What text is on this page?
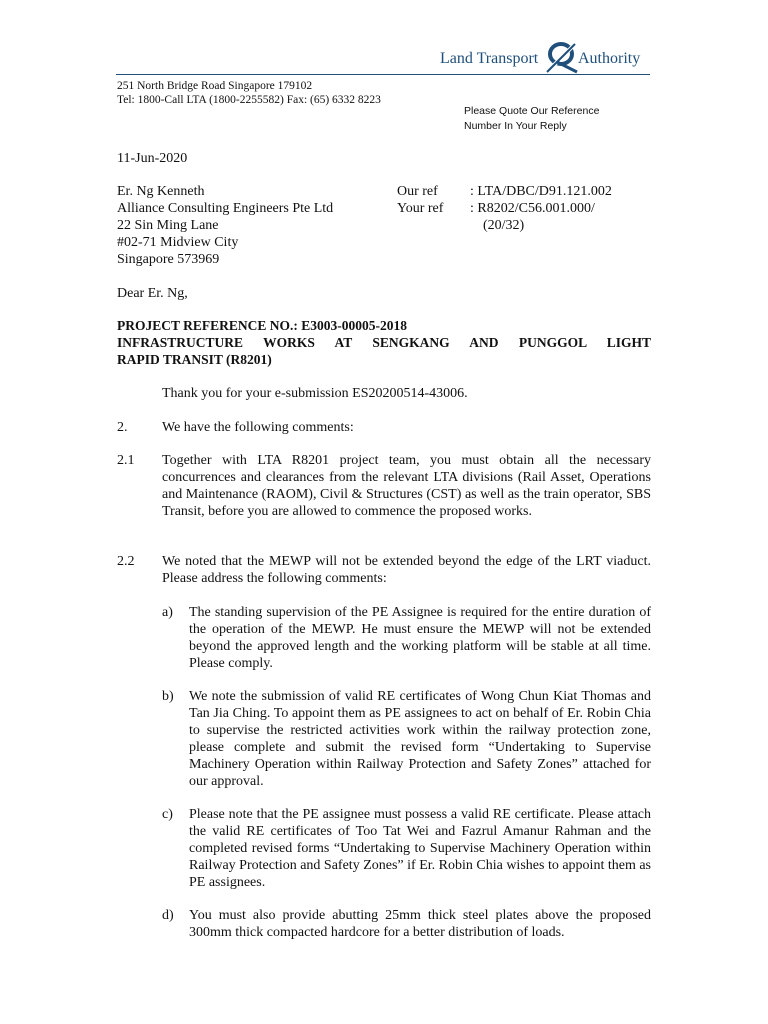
Land Transport Authority
251 North Bridge Road Singapore 179102
Tel: 1800-Call LTA (1800-2255582) Fax: (65) 6332 8223
Please Quote Our Reference
Number In Your Reply
11-Jun-2020
Er. Ng Kenneth
Alliance Consulting Engineers Pte Ltd
22 Sin Ming Lane
#02-71 Midview City
Singapore 573969
Our ref : LTA/DBC/D91.121.002
Your ref : R8202/C56.001.000/
(20/32)
Dear Er. Ng,
PROJECT REFERENCE NO.: E3003-00005-2018
INFRASTRUCTURE WORKS AT SENGKANG AND PUNGGOL LIGHT
RAPID TRANSIT (R8201)
Thank you for your e-submission ES20200514-43006.
2. We have the following comments:
2.1 Together with LTA R8201 project team, you must obtain all the necessary concurrences and clearances from the relevant LTA divisions (Rail Asset, Operations and Maintenance (RAOM), Civil & Structures (CST) as well as the train operator, SBS Transit, before you are allowed to commence the proposed works.
2.2 We noted that the MEWP will not be extended beyond the edge of the LRT viaduct. Please address the following comments:
a) The standing supervision of the PE Assignee is required for the entire duration of the operation of the MEWP. He must ensure the MEWP will not be extended beyond the approved length and the working platform will be stable at all time. Please comply.
b) We note the submission of valid RE certificates of Wong Chun Kiat Thomas and Tan Jia Ching. To appoint them as PE assignees to act on behalf of Er. Robin Chia to supervise the restricted activities work within the railway protection zone, please complete and submit the revised form “Undertaking to Supervise Machinery Operation within Railway Protection and Safety Zones” attached for our approval.
c) Please note that the PE assignee must possess a valid RE certificate. Please attach the valid RE certificates of Too Tat Wei and Fazrul Amanur Rahman and the completed revised forms “Undertaking to Supervise Machinery Operation within Railway Protection and Safety Zones” if Er. Robin Chia wishes to appoint them as PE assignees.
d) You must also provide abutting 25mm thick steel plates above the proposed 300mm thick compacted hardcore for a better distribution of loads.
